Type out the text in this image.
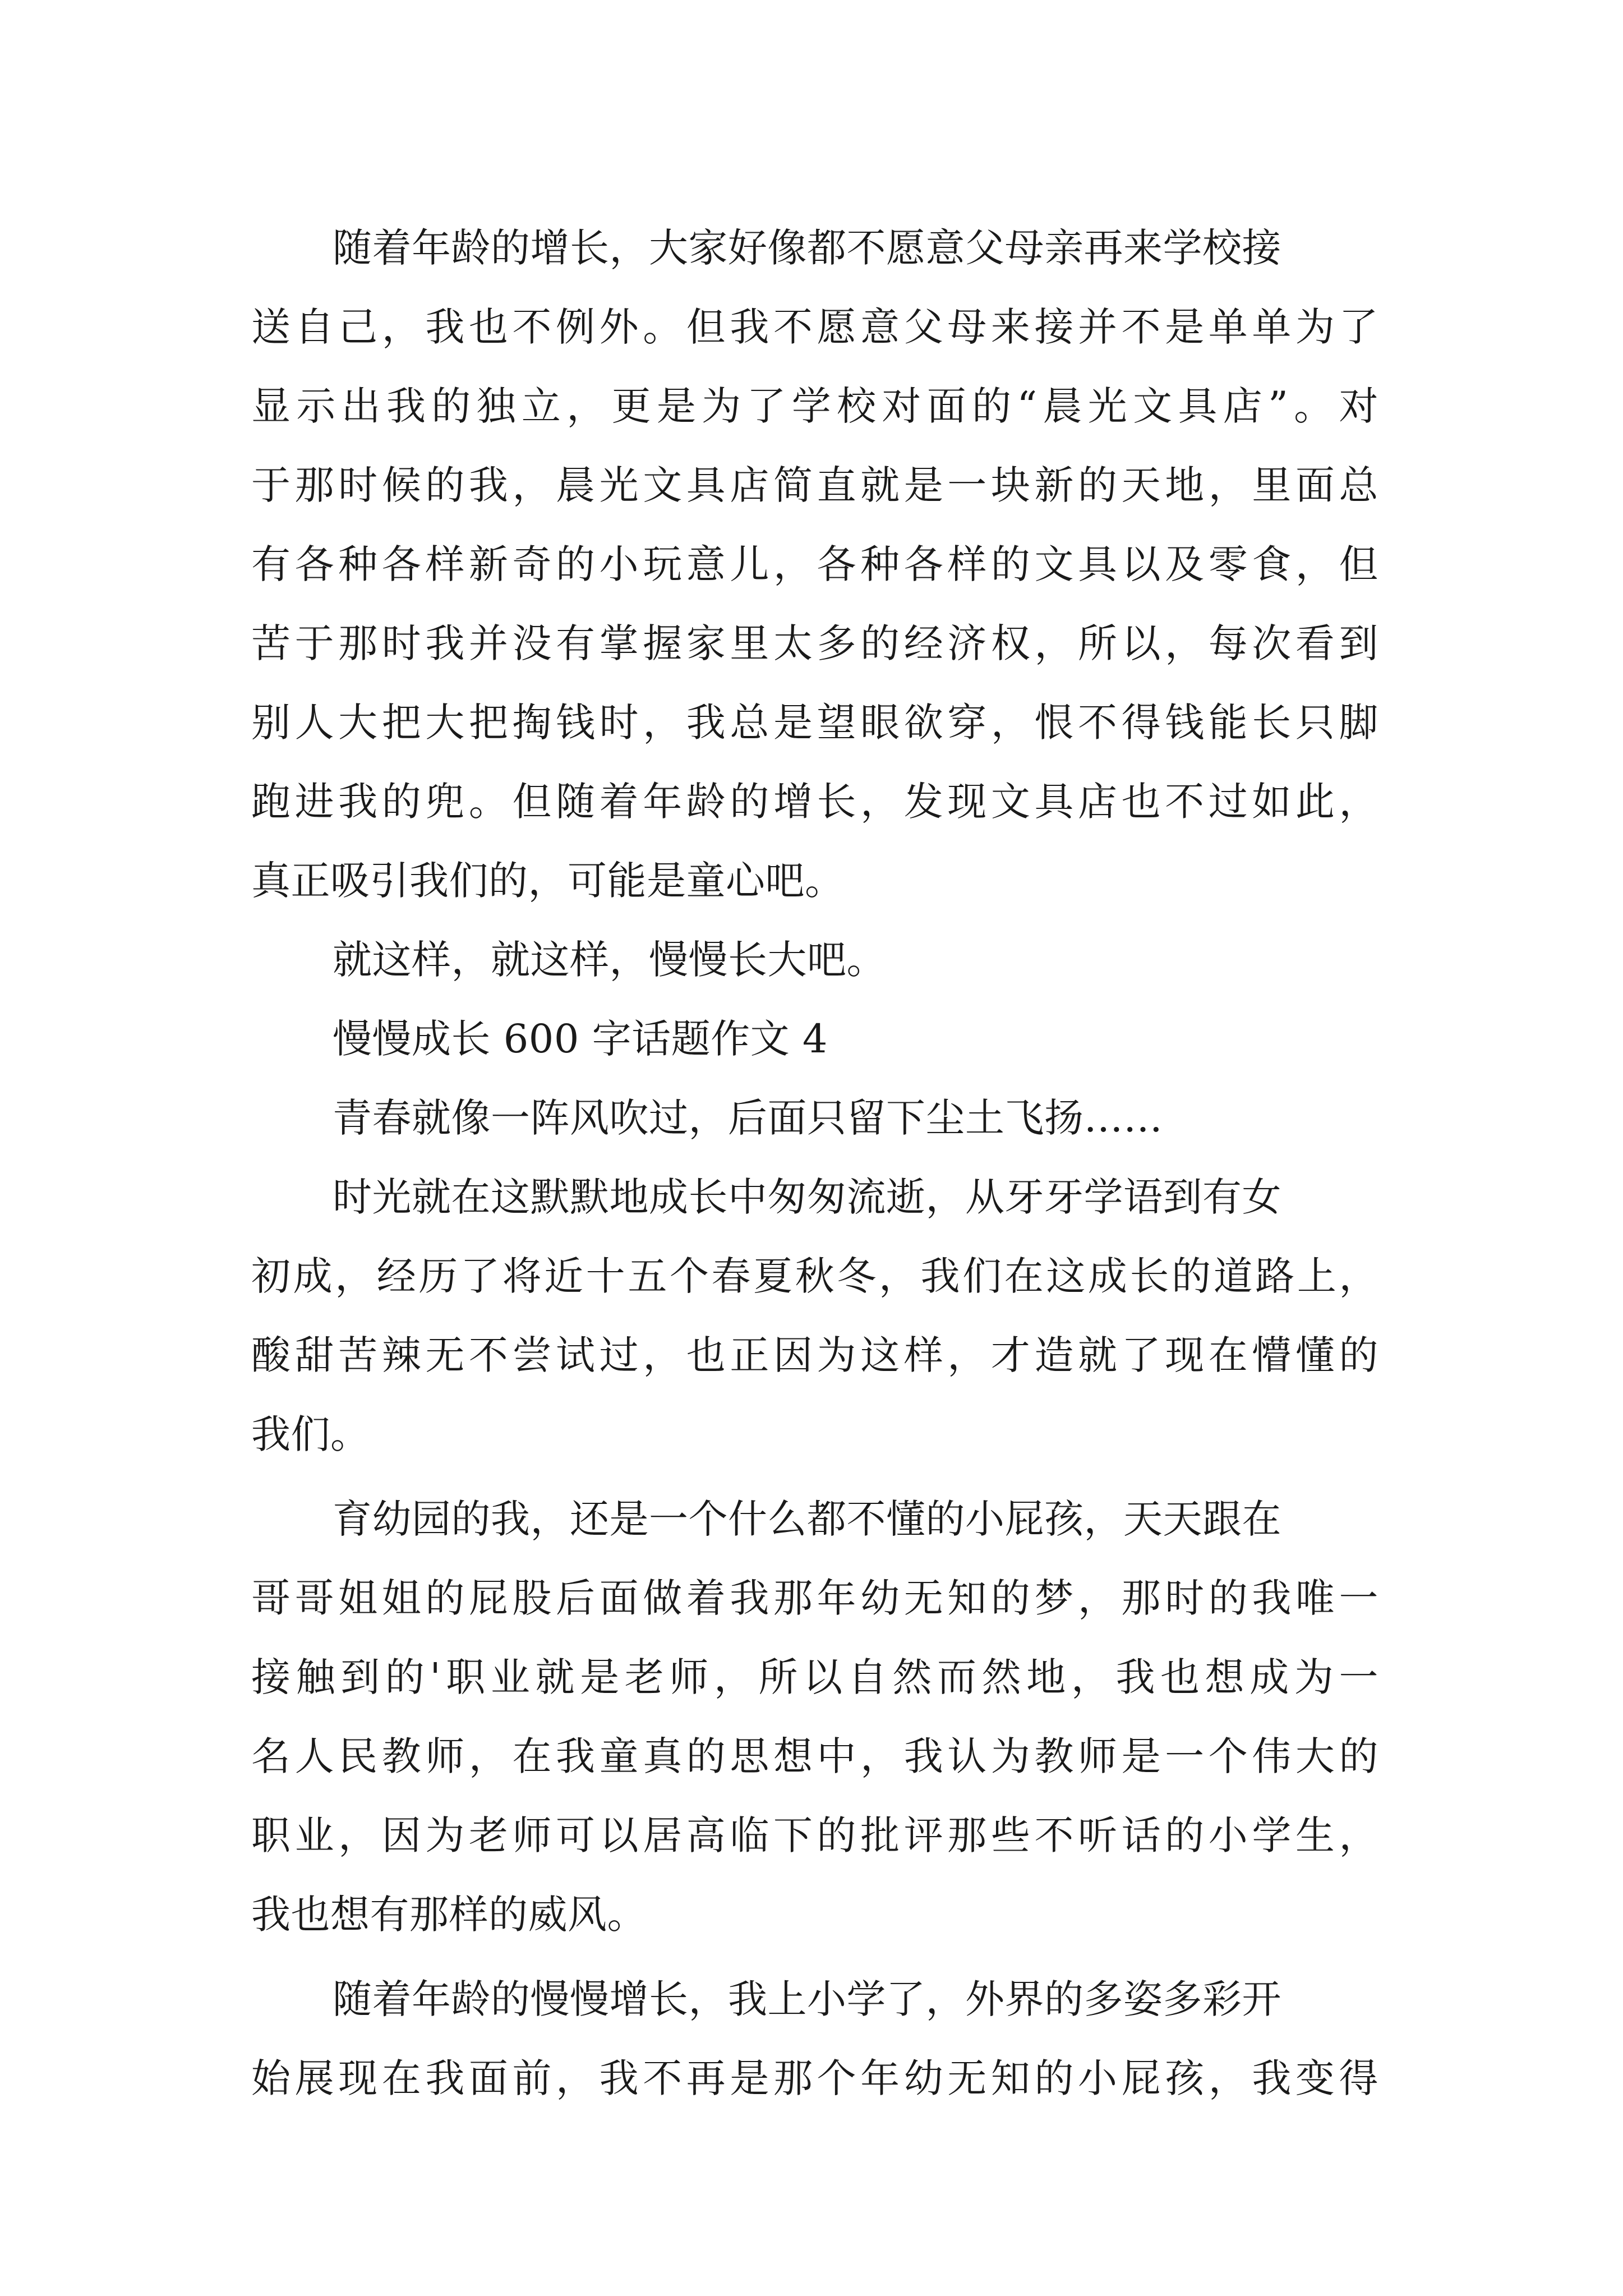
随着年龄的增长，大家好像都不愿意父母亲再来学校接
送自己，我也不例外。但我不愿意父母来接并不是单单为了
显示出我的独立，更是为了学校对面的“晨光文具店”。对
于那时候的我，晨光文具店简直就是一块新的天地，里面总
有各种各样新奇的小玩意儿，各种各样的文具以及零食，但
苦于那时我并没有掌握家里太多的经济权，所以，每次看到
别人大把大把掏钱时，我总是望眼欲穿，恨不得钱能长只脚
跑进我的兜。但随着年龄的增长，发现文具店也不过如此，
真正吸引我们的，可能是童心吧。
就这样，就这样，慢慢长大吧。
慢慢成长 600 字话题作文 4
青春就像一阵风吹过，后面只留下尘土飞扬……
时光就在这默默地成长中匆匆流逝，从牙牙学语到有女
初成，经历了将近十五个春夏秋冬，我们在这成长的道路上，
酸甜苦辣无不尝试过，也正因为这样，才造就了现在懵懂的
我们。
育幼园的我，还是一个什么都不懂的小屁孩，天天跟在
哥哥姐姐的屁股后面做着我那年幼无知的梦，那时的我唯一
接触到的'职业就是老师，所以自然而然地，我也想成为一
名人民教师，在我童真的思想中，我认为教师是一个伟大的
职业，因为老师可以居高临下的批评那些不听话的小学生，
我也想有那样的威风。
随着年龄的慢慢增长，我上小学了，外界的多姿多彩开
始展现在我面前，我不再是那个年幼无知的小屁孩，我变得
